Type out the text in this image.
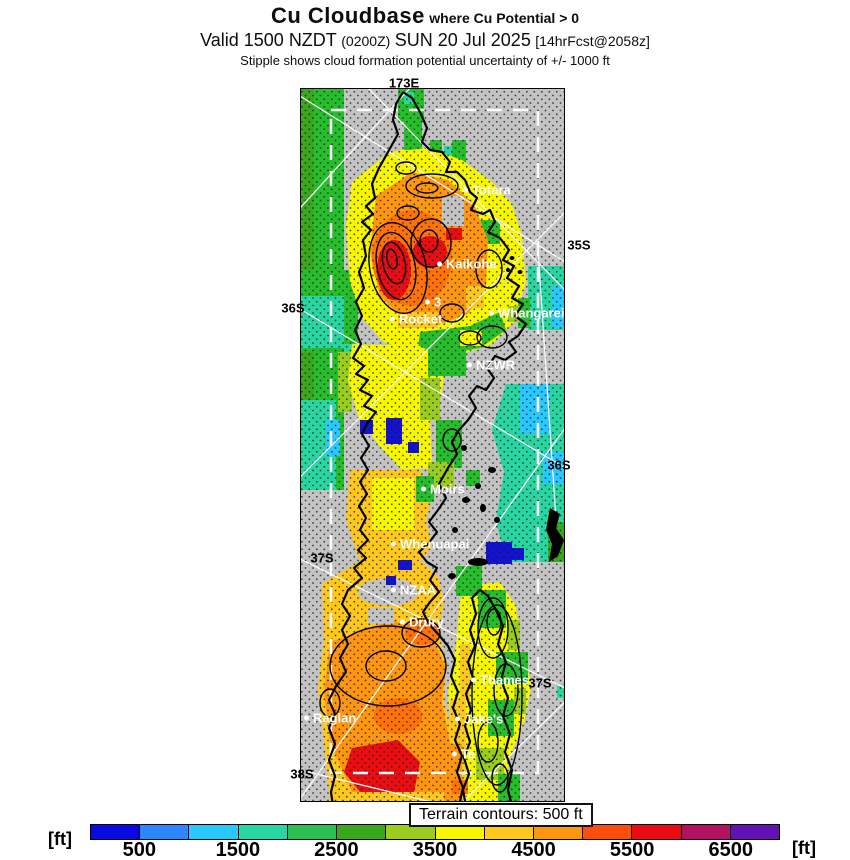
Cu Cloudbase where Cu Potential > 0
Valid 1500 NZDT (0200Z) SUN 20 Jul 2025 [14hrFcst@2058z]
Stipple shows cloud formation potential uncertainty of +/- 1000 ft
173E
35S
36S
36S
37S
37S
38S
Totara
Kaikohe
3
Rocket	Whangarei
NZWR
Moirs
Whenuapai
NZAA
Drury
Thames
Jake's
Raglan
Te
Terrain contours: 500 ft
[ft]	500	1500	2500	3500	4500	5500	6500 [ft]
